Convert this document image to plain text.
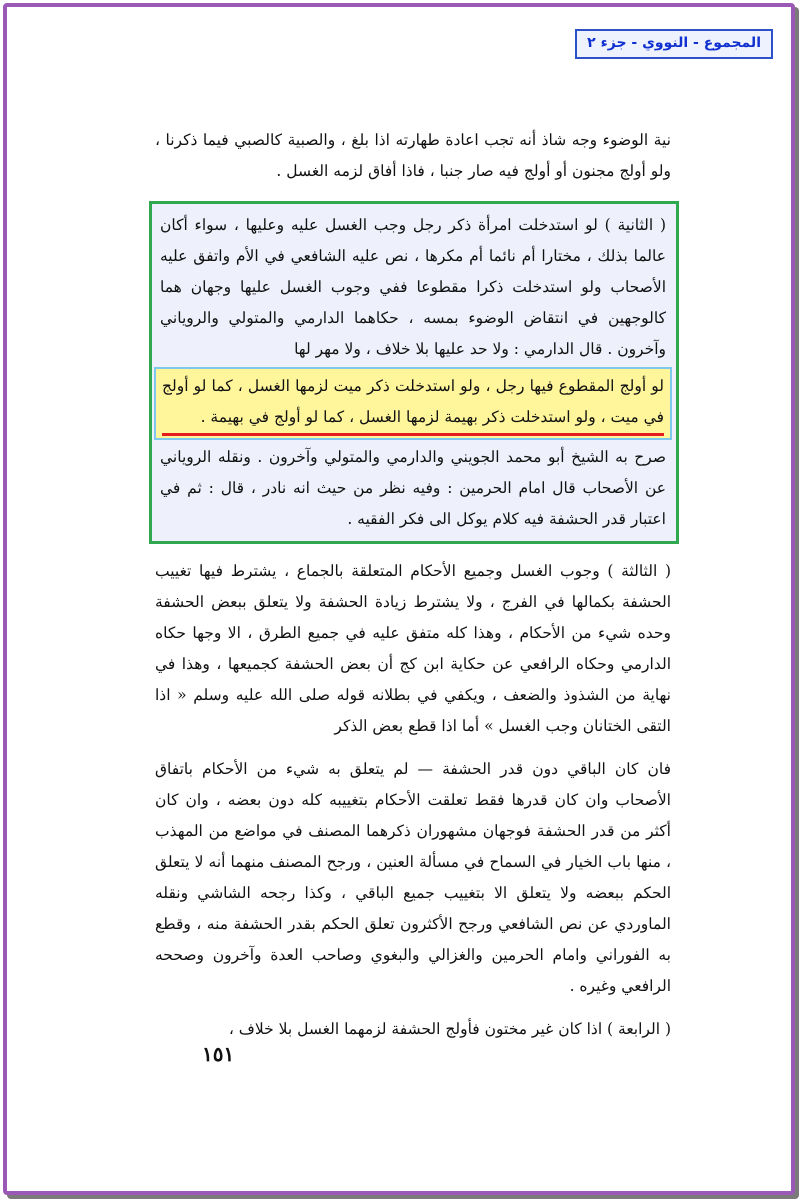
المجموع - النووي - جزء ٢

نية الوضوء وجه شاذ أنه تجب اعادة طهارته اذا بلغ ، والصبية كالصبي فيما ذكرنا ، ولو أولج مجنون أو أولج فيه صار جنبا ، فاذا أفاق لزمه الغسل .

( الثانية ) لو استدخلت امرأة ذكر رجل وجب الغسل عليه وعليها ، سواء أكان عالما بذلك ، مختارا أم نائما أم مكرها ، نص عليه الشافعي في الأم واتفق عليه الأصحاب ولو استدخلت ذكرا مقطوعا ففي وجوب الغسل عليها وجهان هما كالوجهين في انتقاض الوضوء بمسه ، حكاهما الدارمي والمتولي والروياني وآخرون . قال الدارمي : ولا حد عليها بلا خلاف ، ولا مهر لها

لو أولج المقطوع فيها رجل ، ولو استدخلت ذكر ميت لزمها الغسل ، كما لو أولج في ميت ، ولو استدخلت ذكر بهيمة لزمها الغسل ، كما لو أولج في بهيمة .

صرح به الشيخ أبو محمد الجويني والدارمي والمتولي وآخرون . ونقله الروياني عن الأصحاب قال امام الحرمين : وفيه نظر من حيث انه نادر ، قال : ثم في اعتبار قدر الحشفة فيه كلام يوكل الى فكر الفقيه .

( الثالثة ) وجوب الغسل وجميع الأحكام المتعلقة بالجماع ، يشترط فيها تغييب الحشفة بكمالها في الفرج ، ولا يشترط زيادة الحشفة ولا يتعلق ببعض الحشفة وحده شيء من الأحكام ، وهذا كله متفق عليه في جميع الطرق ، الا وجها حكاه الدارمي وحكاه الرافعي عن حكاية ابن كج أن بعض الحشفة كجميعها ، وهذا في نهاية من الشذوذ والضعف ، ويكفي في بطلانه قوله صلى الله عليه وسلم « اذا التقى الختانان وجب الغسل » أما اذا قطع بعض الذكر

فان كان الباقي دون قدر الحشفة — لم يتعلق به شيء من الأحكام باتفاق الأصحاب وان كان قدرها فقط تعلقت الأحكام بتغييبه كله دون بعضه ، وان كان أكثر من قدر الحشفة فوجهان مشهوران ذكرهما المصنف في مواضع من المهذب ، منها باب الخيار في السماح في مسألة العنين ، ورجح المصنف منهما أنه لا يتعلق الحكم ببعضه ولا يتعلق الا بتغييب جميع الباقي ، وكذا رجحه الشاشي ونقله الماوردي عن نص الشافعي ورجح الأكثرون تعلق الحكم بقدر الحشفة منه ، وقطع به الفوراني وامام الحرمين والغزالي والبغوي وصاحب العدة وآخرون وصححه الرافعي وغيره .

( الرابعة ) اذا كان غير مختون فأولج الحشفة لزمهما الغسل بلا خلاف ،

١٥١
